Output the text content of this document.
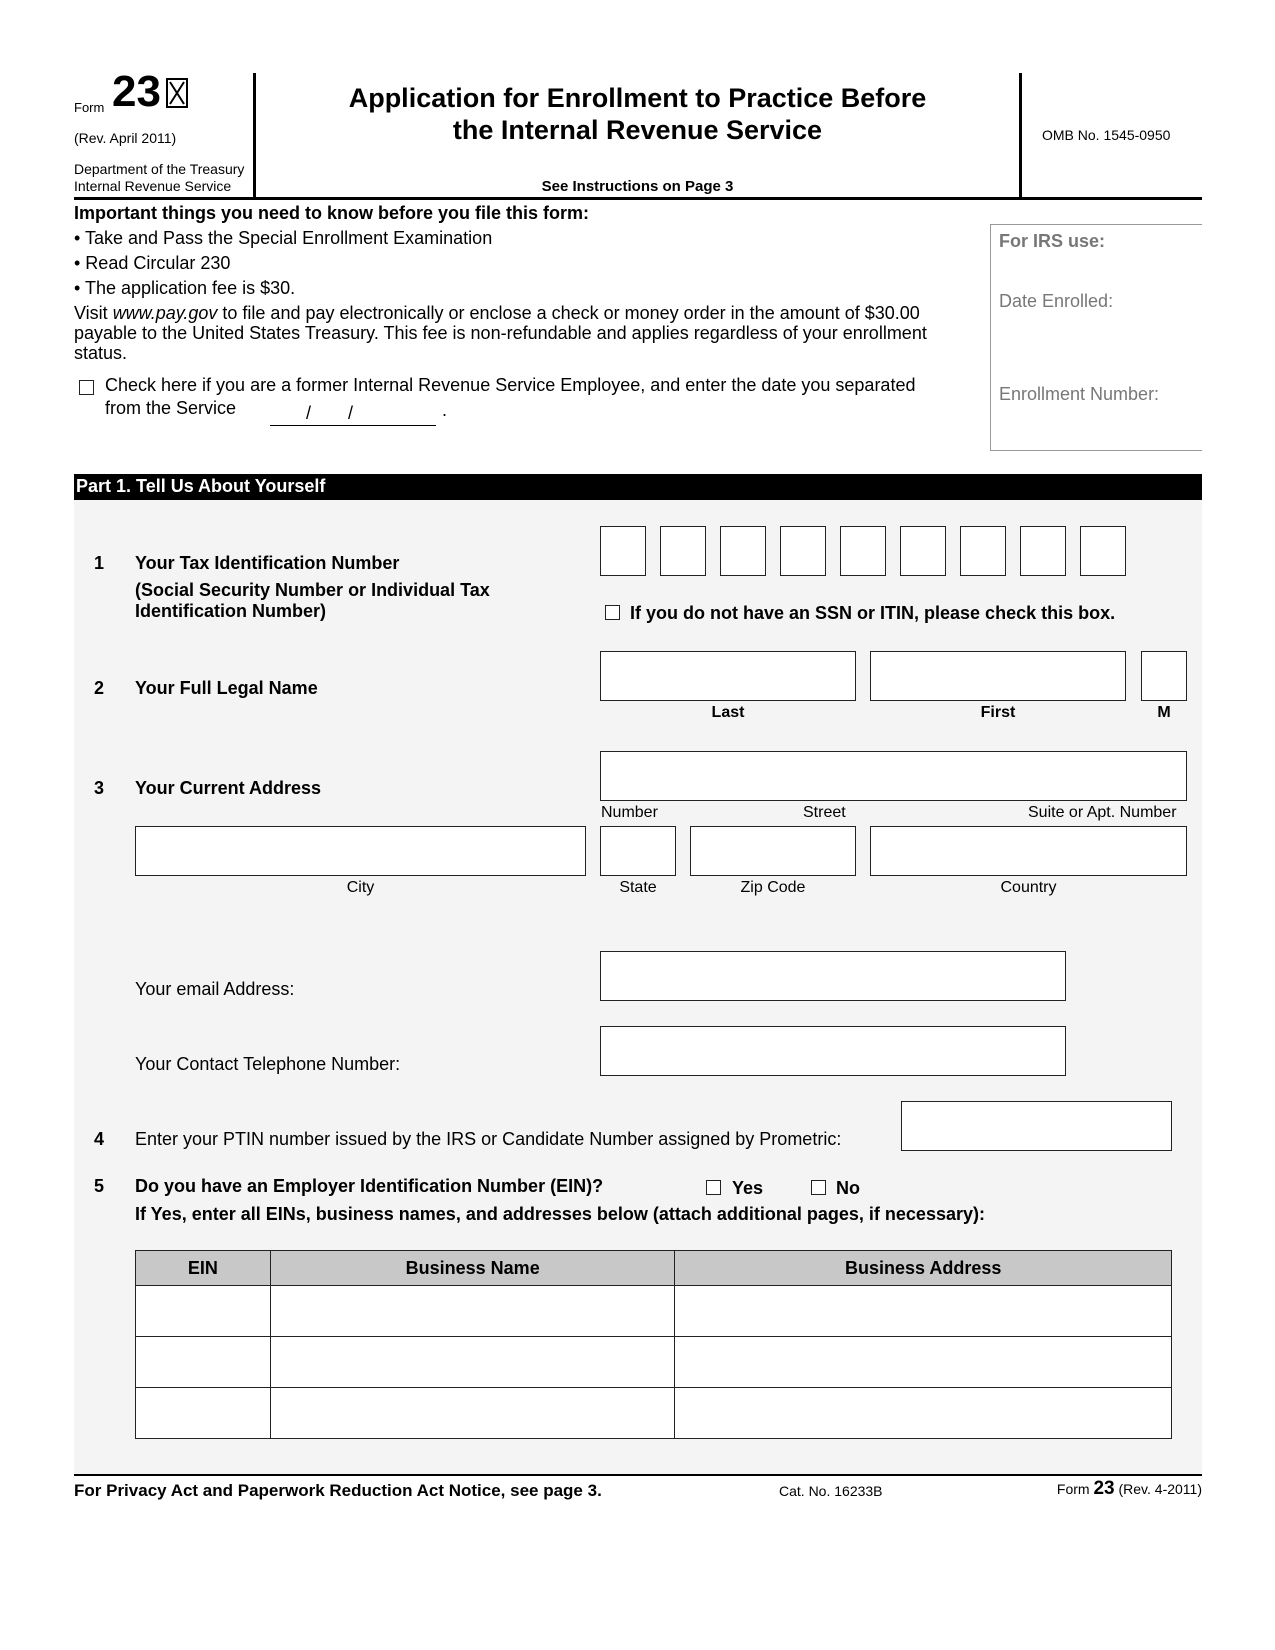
Form 23
(Rev. April 2011)
Department of the Treasury
Internal Revenue Service
Application for Enrollment to Practice Before
the Internal Revenue Service
See Instructions on Page 3
OMB No. 1545-0950
Important things you need to know before you file this form:
• Take and Pass the Special Enrollment Examination
• Read Circular 230
• The application fee is $30.
Visit www.pay.gov to file and pay electronically or enclose a check or money order in the amount of $30.00
payable to the United States Treasury. This fee is non-refundable and applies regardless of your enrollment
status.
Check here if you are a former Internal Revenue Service Employee, and enter the date you separated
from the Service	/ /	.
For IRS use:
Date Enrolled:
Enrollment Number:
Part 1. Tell Us About Yourself
1 Your Tax Identification Number
(Social Security Number or Individual Tax
Identification Number)	If you do not have an SSN or ITIN, please check this box.
2 Your Full Legal Name
Last	First	M
3 Your Current Address
Number	Street	Suite or Apt. Number
City	State	Zip Code	Country
Your email Address:
Your Contact Telephone Number:
4 Enter your PTIN number issued by the IRS or Candidate Number assigned by Prometric:
5 Do you have an Employer Identification Number (EIN)?	Yes	No
If Yes, enter all EINs, business names, and addresses below (attach additional pages, if necessary):
EIN	Business Name	Business Address

For Privacy Act and Paperwork Reduction Act Notice, see page 3.	Cat. No. 16233B	Form 23 (Rev. 4-2011)
